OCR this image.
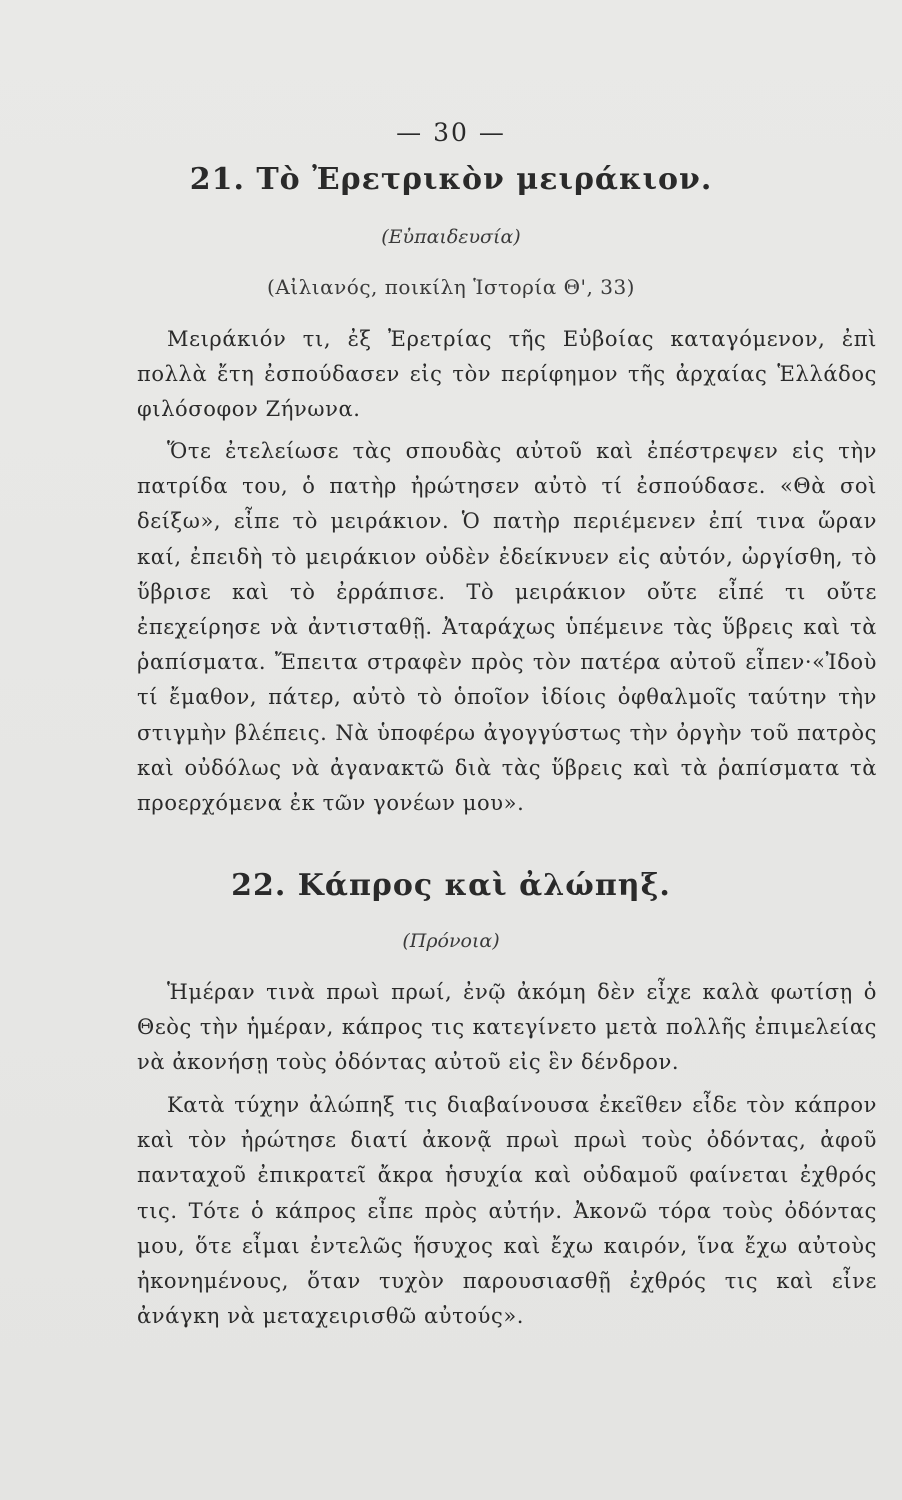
— 30 —
21. Τὸ Ἐρετρικὸν μειράκιον.
(Εὐπαιδευσία)
(Αἰλιανός, ποικίλη Ἱστορία Θ', 33)

Μειράκιόν τι, ἐξ Ἐρετρίας τῆς Εὐβοίας καταγόμενον, ἐπὶ πολλὰ ἔτη ἐσπούδασεν εἰς τὸν περίφημον τῆς ἀρχαίας Ἑλλάδος φιλόσοφον Ζήνωνα.

Ὅτε ἐτελείωσε τὰς σπουδὰς αὐτοῦ καὶ ἐπέστρεψεν εἰς τὴν πατρίδα του, ὁ πατὴρ ἠρώτησεν αὐτὸ τί ἐσπούδασε. «Θὰ σοὶ δείξω», εἶπε τὸ μειράκιον. Ὁ πατὴρ περιέμενεν ἐπί τινα ὥραν καί, ἐπειδὴ τὸ μειράκιον οὐδὲν ἐδείκνυεν εἰς αὐτόν, ὠργίσθη, τὸ ὕβρισε καὶ τὸ ἐρράπισε. Τὸ μειράκιον οὔτε εἶπέ τι οὔτε ἐπεχείρησε νὰ ἀντισταθῇ. Ἀταράχως ὑπέμεινε τὰς ὕβρεις καὶ τὰ ῥαπίσματα. Ἔπειτα στραφὲν πρὸς τὸν πατέρα αὐτοῦ εἶπεν·«Ἰδοὺ τί ἔμαθον, πάτερ, αὐτὸ τὸ ὁποῖον ἰδίοις ὀφθαλμοῖς ταύτην τὴν στιγμὴν βλέπεις. Νὰ ὑποφέρω ἀγογγύστως τὴν ὀργὴν τοῦ πατρὸς καὶ οὐδόλως νὰ ἀγανακτῶ διὰ τὰς ὕβρεις καὶ τὰ ῥαπίσματα τὰ προερχόμενα ἐκ τῶν γονέων μου».

22. Κάπρος καὶ ἀλώπηξ.
(Πρόνοια)

Ἡμέραν τινὰ πρωὶ πρωί, ἐνῷ ἀκόμη δὲν εἶχε καλὰ φωτίσῃ ὁ Θεὸς τὴν ἡμέραν, κάπρος τις κατεγίνετο μετὰ πολλῆς ἐπιμελείας νὰ ἀκονήσῃ τοὺς ὀδόντας αὐτοῦ εἰς ἓν δένδρον.

Κατὰ τύχην ἀλώπηξ τις διαβαίνουσα ἐκεῖθεν εἶδε τὸν κάπρον καὶ τὸν ἠρώτησε διατί ἀκονᾷ πρωὶ πρωὶ τοὺς ὀδόντας, ἀφοῦ πανταχοῦ ἐπικρατεῖ ἄκρα ἡσυχία καὶ οὐδαμοῦ φαίνεται ἐχθρός τις. Τότε ὁ κάπρος εἶπε πρὸς αὐτήν. Ἀκονῶ τόρα τοὺς ὀδόντας μου, ὅτε εἶμαι ἐντελῶς ἥσυχος καὶ ἔχω καιρόν, ἵνα ἔχω αὐτοὺς ἠκονημένους, ὅταν τυχὸν παρουσιασθῇ ἐχθρός τις καὶ εἶνε ἀνάγκη νὰ μεταχειρισθῶ αὐτούς».
